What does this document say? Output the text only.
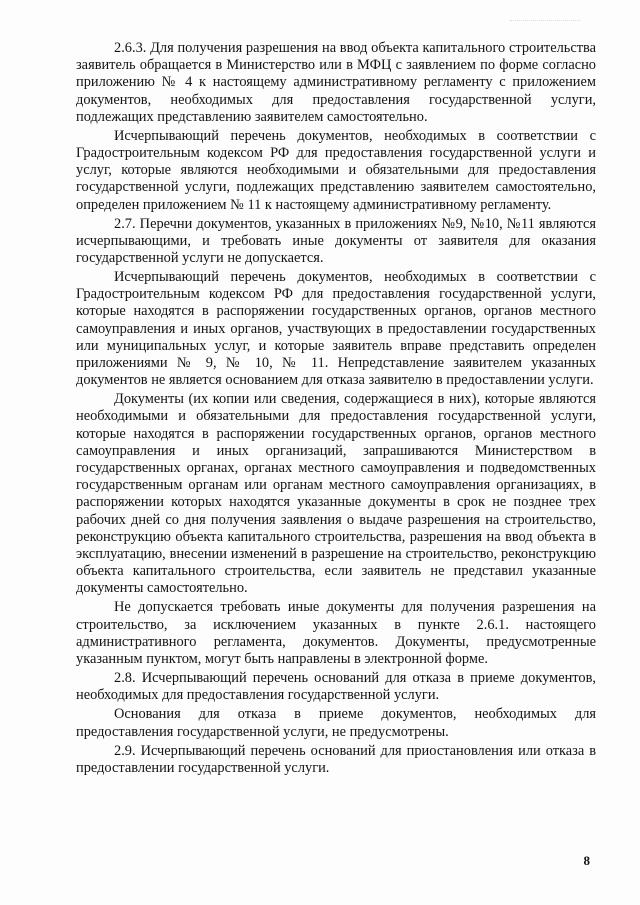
2.6.3. Для получения разрешения на ввод объекта капитального строительства заявитель обращается в Министерство или в МФЦ с заявлением по форме согласно приложению № 4 к настоящему административному регламенту с приложением документов, необходимых для предоставления государственной услуги, подлежащих представлению заявителем самостоятельно.

Исчерпывающий перечень документов, необходимых в соответствии с Градостроительным кодексом РФ для предоставления государственной услуги и услуг, которые являются необходимыми и обязательными для предоставления государственной услуги, подлежащих представлению заявителем самостоятельно, определен приложением № 11 к настоящему административному регламенту.

2.7. Перечни документов, указанных в приложениях №9, №10, №11 являются исчерпывающими, и требовать иные документы от заявителя для оказания государственной услуги не допускается.

Исчерпывающий перечень документов, необходимых в соответствии с Градостроительным кодексом РФ для предоставления государственной услуги, которые находятся в распоряжении государственных органов, органов местного самоуправления и иных органов, участвующих в предоставлении государственных или муниципальных услуг, и которые заявитель вправе представить определен приложениями № 9, № 10, № 11. Непредставление заявителем указанных документов не является основанием для отказа заявителю в предоставлении услуги.

Документы (их копии или сведения, содержащиеся в них), которые являются необходимыми и обязательными для предоставления государственной услуги, которые находятся в распоряжении государственных органов, органов местного самоуправления и иных организаций, запрашиваются Министерством в государственных органах, органах местного самоуправления и подведомственных государственным органам или органам местного самоуправления организациях, в распоряжении которых находятся указанные документы в срок не позднее трех рабочих дней со дня получения заявления о выдаче разрешения на строительство, реконструкцию объекта капитального строительства, разрешения на ввод объекта в эксплуатацию, внесении изменений в разрешение на строительство, реконструкцию объекта капитального строительства, если заявитель не представил указанные документы самостоятельно.

Не допускается требовать иные документы для получения разрешения на строительство, за исключением указанных в пункте 2.6.1. настоящего административного регламента, документов. Документы, предусмотренные указанным пунктом, могут быть направлены в электронной форме.

2.8. Исчерпывающий перечень оснований для отказа в приеме документов, необходимых для предоставления государственной услуги.

Основания для отказа в приеме документов, необходимых для предоставления государственной услуги, не предусмотрены.

2.9. Исчерпывающий перечень оснований для приостановления или отказа в предоставлении государственной услуги.

8
